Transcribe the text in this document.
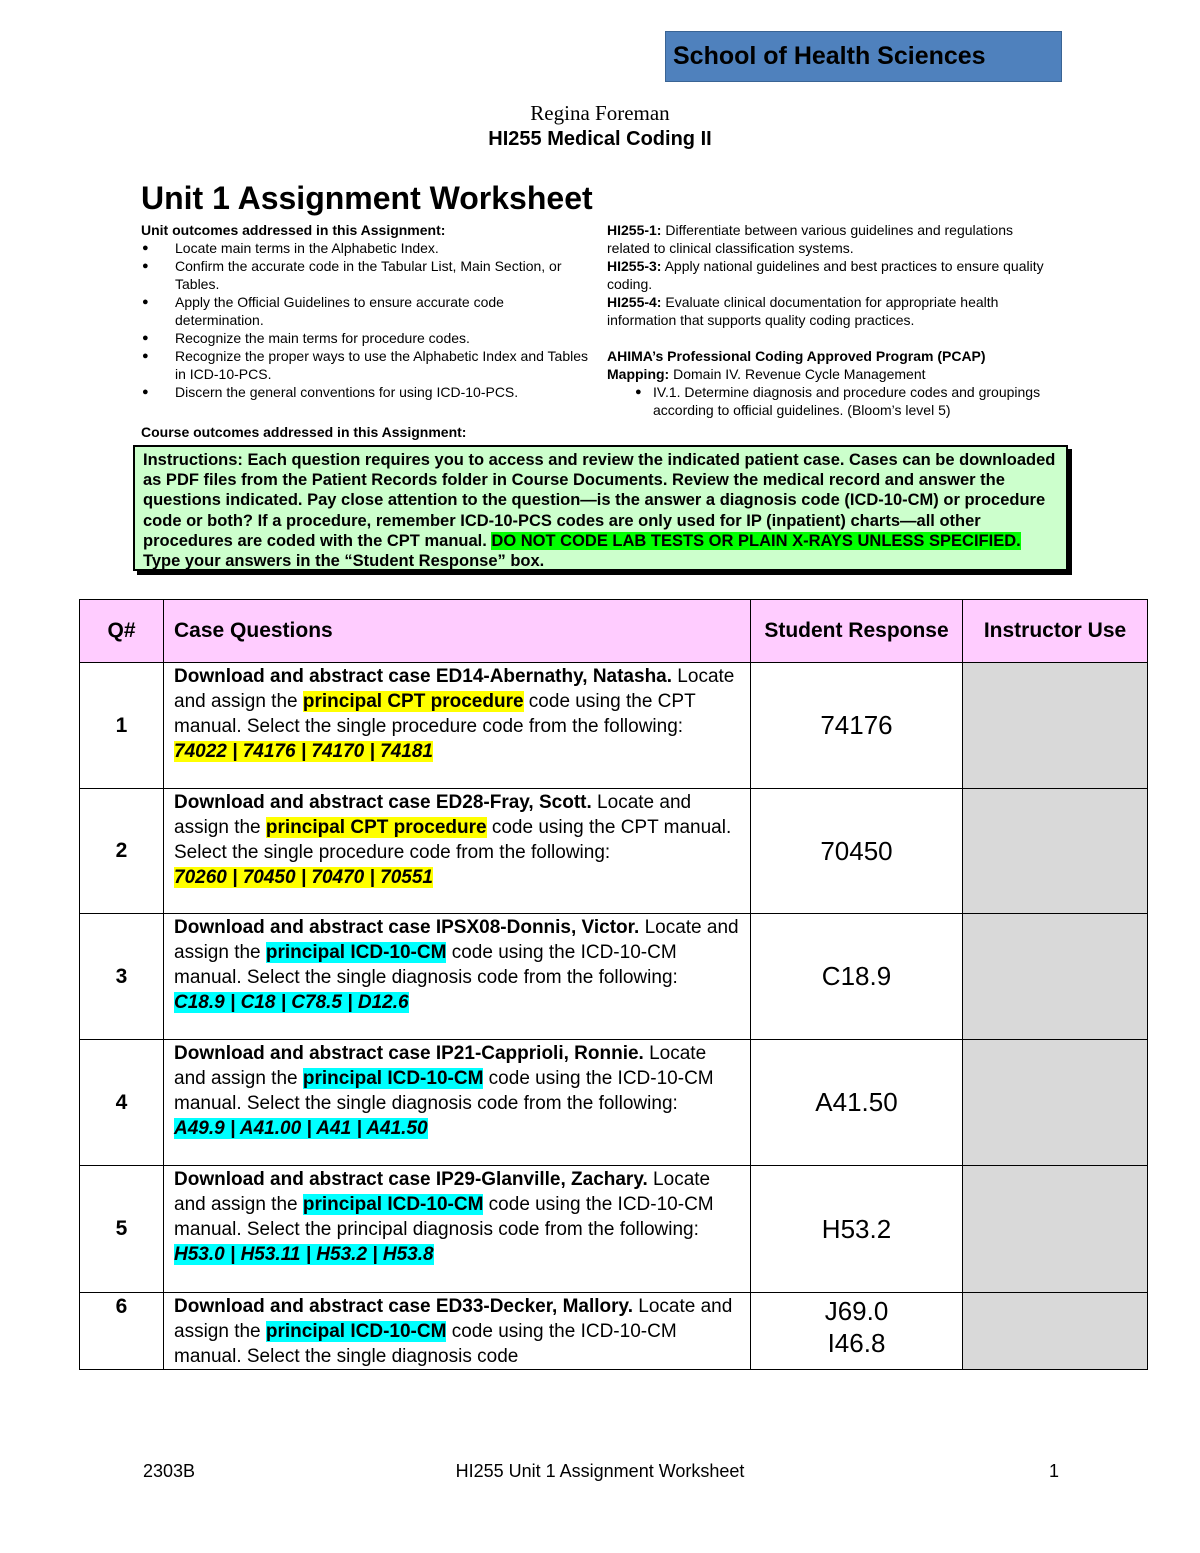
School of Health Sciences
Regina Foreman
HI255 Medical Coding II
Unit 1 Assignment Worksheet
Unit outcomes addressed in this Assignment:
● Locate main terms in the Alphabetic Index.
● Confirm the accurate code in the Tabular List, Main Section, or Tables.
● Apply the Official Guidelines to ensure accurate code determination.
● Recognize the main terms for procedure codes.
● Recognize the proper ways to use the Alphabetic Index and Tables in ICD-10-PCS.
● Discern the general conventions for using ICD-10-PCS.
Course outcomes addressed in this Assignment:
HI255-1: Differentiate between various guidelines and regulations related to clinical classification systems.
HI255-3: Apply national guidelines and best practices to ensure quality coding.
HI255-4: Evaluate clinical documentation for appropriate health information that supports quality coding practices.
AHIMA’s Professional Coding Approved Program (PCAP)
Mapping: Domain IV. Revenue Cycle Management
● IV.1. Determine diagnosis and procedure codes and groupings according to official guidelines. (Bloom’s level 5)
Instructions: Each question requires you to access and review the indicated patient case. Cases can be downloaded as PDF files from the Patient Records folder in Course Documents. Review the medical record and answer the questions indicated. Pay close attention to the question—is the answer a diagnosis code (ICD-10-CM) or procedure code or both? If a procedure, remember ICD-10-PCS codes are only used for IP (inpatient) charts—all other procedures are coded with the CPT manual. DO NOT CODE LAB TESTS OR PLAIN X-RAYS UNLESS SPECIFIED. Type your answers in the “Student Response” box.
Q#	Case Questions	Student Response	Instructor Use
1	Download and abstract case ED14-Abernathy, Natasha. Locate and assign the principal CPT procedure code using the CPT manual. Select the single procedure code from the following:
74022 | 74176 | 74170 | 74181	74176	
2	Download and abstract case ED28-Fray, Scott. Locate and assign the principal CPT procedure code using the CPT manual. Select the single procedure code from the following:
70260 | 70450 | 70470 | 70551	70450	
3	Download and abstract case IPSX08-Donnis, Victor. Locate and assign the principal ICD-10-CM code using the ICD-10-CM manual. Select the single diagnosis code from the following:
C18.9 | C18 | C78.5 | D12.6	C18.9	
4	Download and abstract case IP21-Capprioli, Ronnie. Locate and assign the principal ICD-10-CM code using the ICD-10-CM manual. Select the single diagnosis code from the following:
A49.9 | A41.00 | A41 | A41.50	A41.50	
5	Download and abstract case IP29-Glanville, Zachary. Locate and assign the principal ICD-10-CM code using the ICD-10-CM manual. Select the principal diagnosis code from the following:
H53.0 | H53.11 | H53.2 | H53.8	H53.2	
6	Download and abstract case ED33-Decker, Mallory. Locate and assign the principal ICD-10-CM code using the ICD-10-CM manual. Select the single diagnosis code	J69.0
I46.8	

2303B	HI255 Unit 1 Assignment Worksheet	1
